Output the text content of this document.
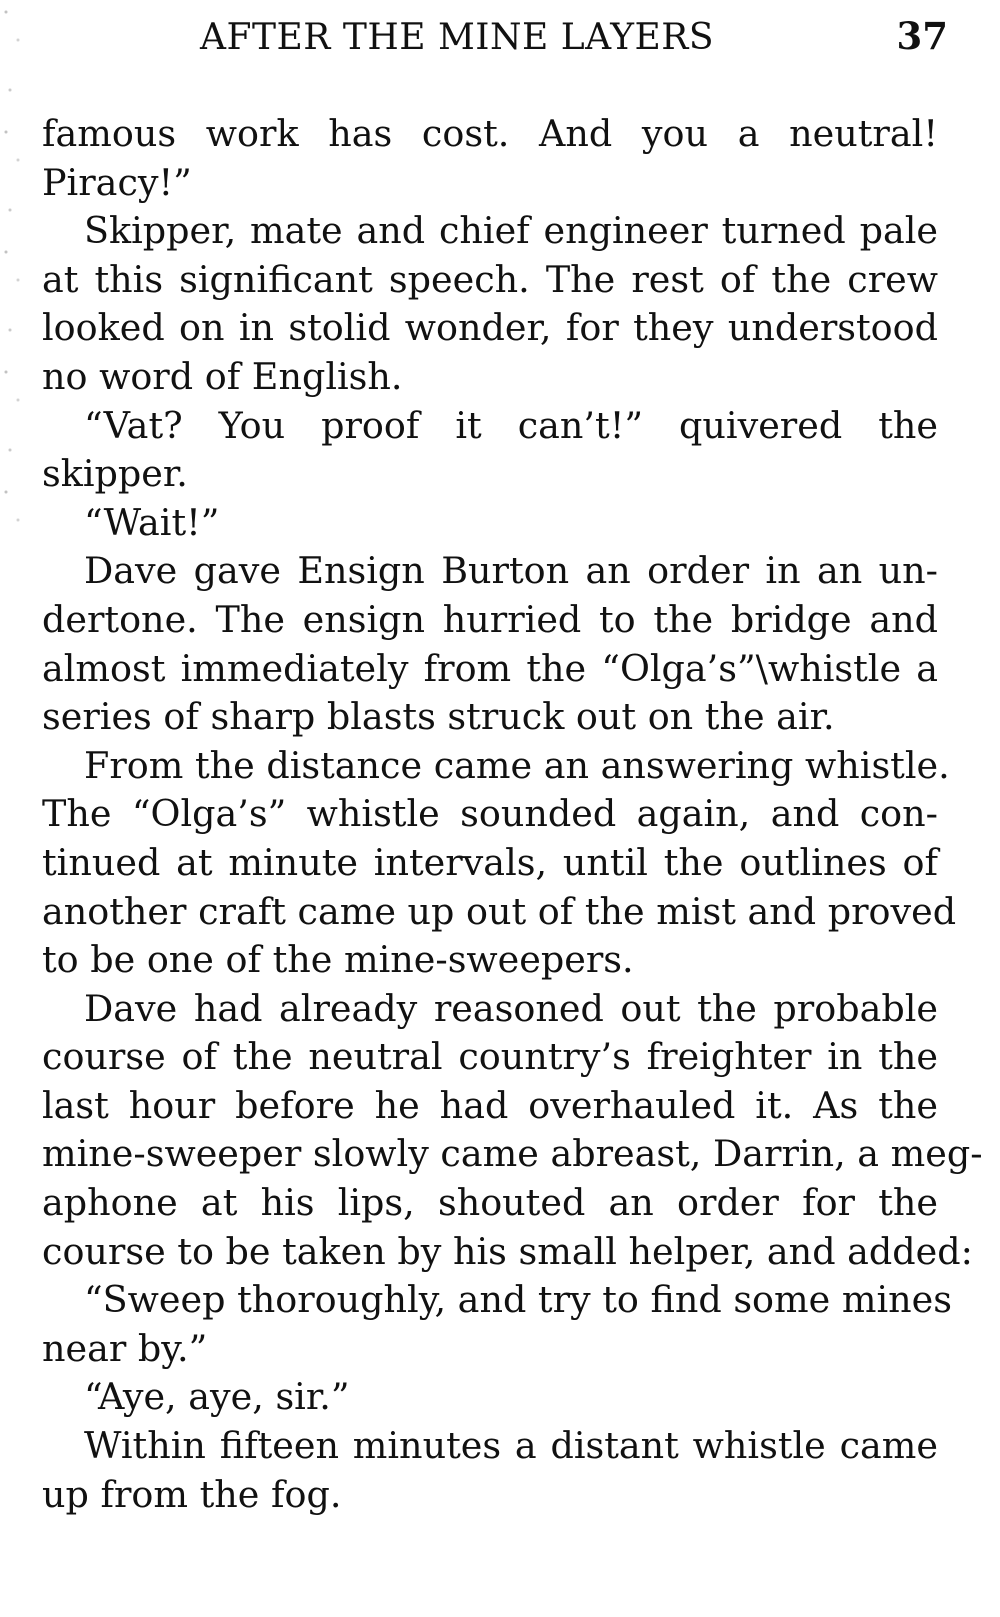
AFTER THE MINE LAYERS	37
famous work has cost. And you a neutral!
Piracy!”
Skipper, mate and chief engineer turned pale
at this significant speech. The rest of the crew
looked on in stolid wonder, for they understood
no word of English.
“Vat? You proof it can’t!” quivered the
skipper.
“Wait!”
Dave gave Ensign Burton an order in an un-
dertone. The ensign hurried to the bridge and
almost immediately from the “Olga’s”\whistle a
series of sharp blasts struck out on the air.
From the distance came an answering whistle.
The “Olga’s” whistle sounded again, and con-
tinued at minute intervals, until the outlines of
another craft came up out of the mist and proved
to be one of the mine-sweepers.
Dave had already reasoned out the probable
course of the neutral country’s freighter in the
last hour before he had overhauled it. As the
mine-sweeper slowly came abreast, Darrin, a meg-
aphone at his lips, shouted an order for the
course to be taken by his small helper, and added:
“Sweep thoroughly, and try to find some mines
near by.”
“Aye, aye, sir.”
Within fifteen minutes a distant whistle came
up from the fog.
